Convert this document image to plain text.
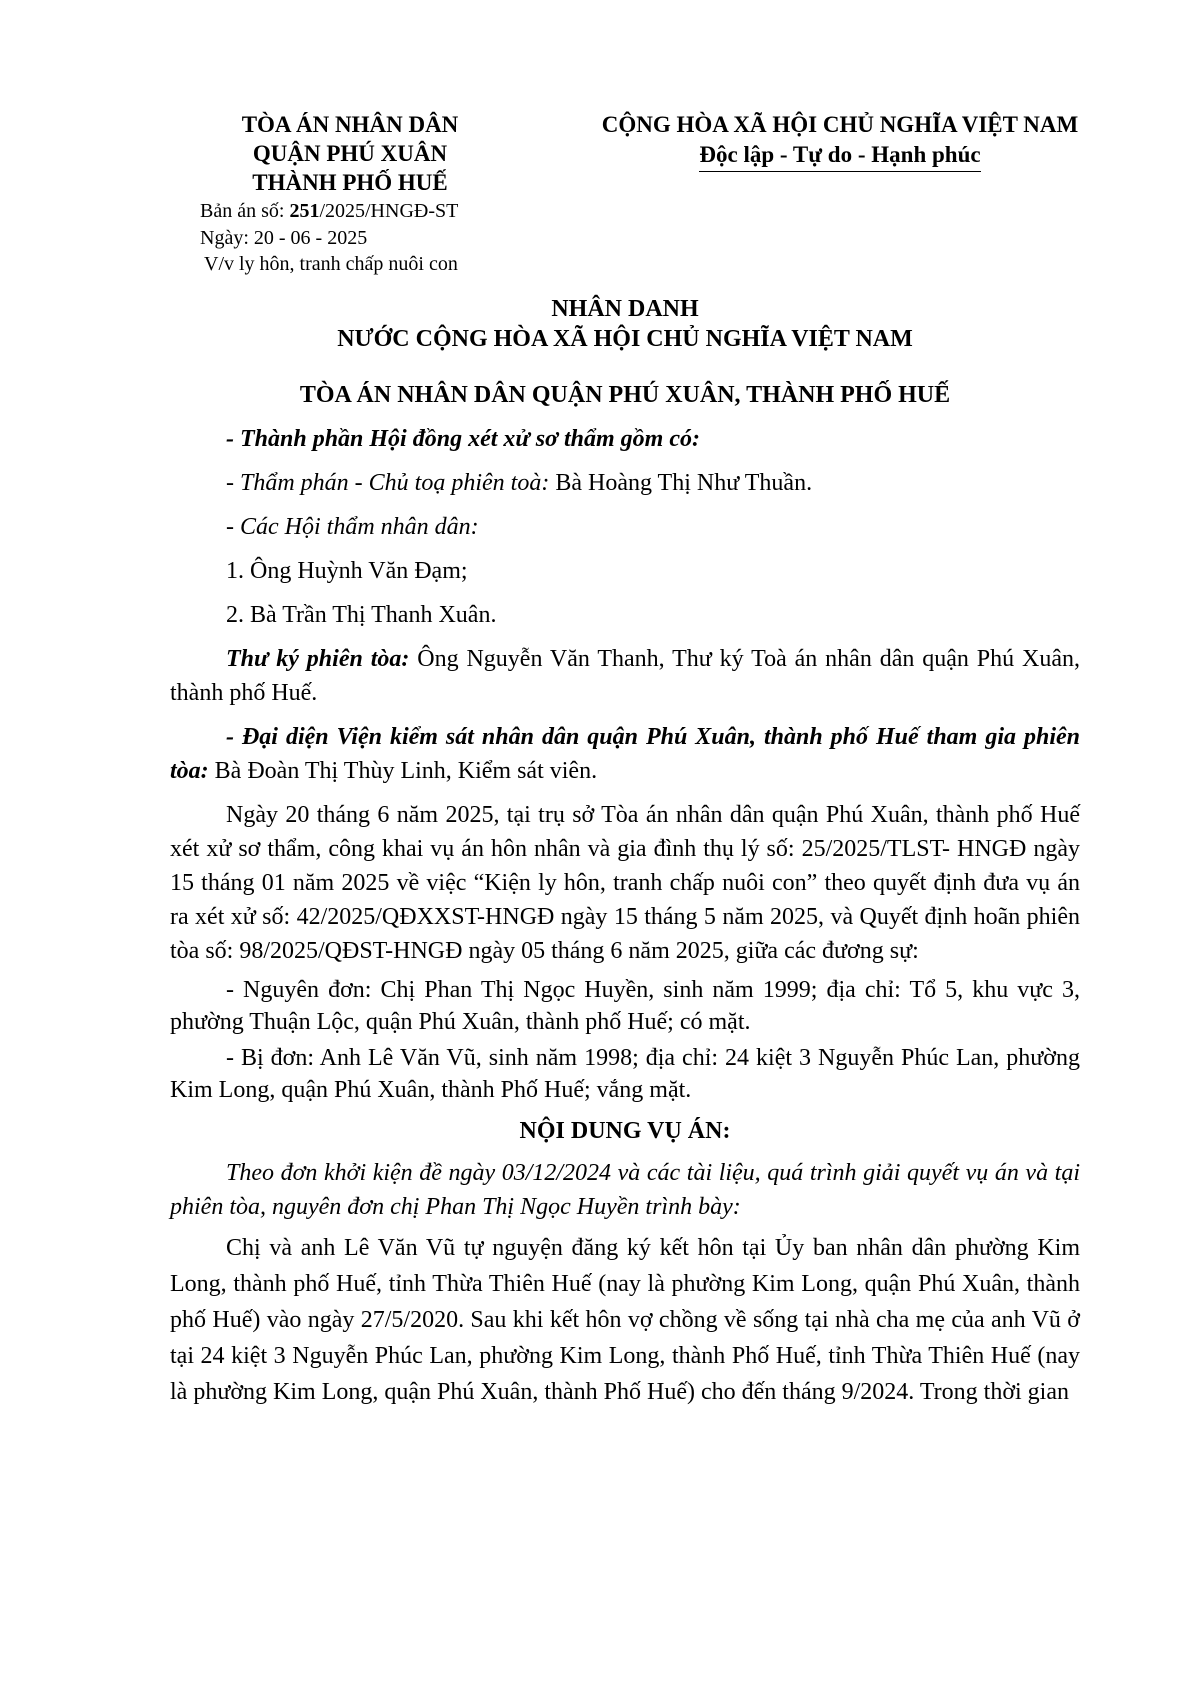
TÒA ÁN NHÂN DÂN
QUẬN PHÚ XUÂN
THÀNH PHỐ HUẾ
CỘNG HÒA XÃ HỘI CHỦ NGHĨA VIỆT NAM
Độc lập - Tự do - Hạnh phúc
Bản án số: 251/2025/HNGĐ-ST
Ngày: 20 - 06 - 2025
V/v ly hôn, tranh chấp nuôi con
NHÂN DANH
NƯỚC CỘNG HÒA XÃ HỘI CHỦ NGHĨA VIỆT NAM
TÒA ÁN NHÂN DÂN QUẬN PHÚ XUÂN, THÀNH PHỐ HUẾ

- Thành phần Hội đồng xét xử sơ thẩm gồm có:

- Thẩm phán - Chủ toạ phiên toà: Bà Hoàng Thị Như Thuần.

- Các Hội thẩm nhân dân:

1. Ông Huỳnh Văn Đạm;

2. Bà Trần Thị Thanh Xuân.

Thư ký phiên tòa: Ông Nguyễn Văn Thanh, Thư ký Toà án nhân dân quận Phú Xuân, thành phố Huế.

- Đại diện Viện kiểm sát nhân dân quận Phú Xuân, thành phố Huế tham gia phiên tòa: Bà Đoàn Thị Thùy Linh, Kiểm sát viên.

Ngày 20 tháng 6 năm 2025, tại trụ sở Tòa án nhân dân quận Phú Xuân, thành phố Huế xét xử sơ thẩm, công khai vụ án hôn nhân và gia đình thụ lý số: 25/2025/TLST- HNGĐ ngày 15 tháng 01 năm 2025 về việc “Kiện ly hôn, tranh chấp nuôi con” theo quyết định đưa vụ án ra xét xử số: 42/2025/QĐXXST-HNGĐ ngày 15 tháng 5 năm 2025, và Quyết định hoãn phiên tòa số: 98/2025/QĐST-HNGĐ ngày 05 tháng 6 năm 2025, giữa các đương sự:

- Nguyên đơn: Chị Phan Thị Ngọc Huyền, sinh năm 1999; địa chỉ: Tổ 5, khu vực 3, phường Thuận Lộc, quận Phú Xuân, thành phố Huế; có mặt.

- Bị đơn: Anh Lê Văn Vũ, sinh năm 1998; địa chỉ: 24 kiệt 3 Nguyễn Phúc Lan, phường Kim Long, quận Phú Xuân, thành Phố Huế; vắng mặt.

NỘI DUNG VỤ ÁN:

Theo đơn khởi kiện đề ngày 03/12/2024 và các tài liệu, quá trình giải quyết vụ án và tại phiên tòa, nguyên đơn chị Phan Thị Ngọc Huyền trình bày:

Chị và anh Lê Văn Vũ tự nguyện đăng ký kết hôn tại Ủy ban nhân dân phường Kim Long, thành phố Huế, tỉnh Thừa Thiên Huế (nay là phường Kim Long, quận Phú Xuân, thành phố Huế) vào ngày 27/5/2020. Sau khi kết hôn vợ chồng về sống tại nhà cha mẹ của anh Vũ ở tại 24 kiệt 3 Nguyễn Phúc Lan, phường Kim Long, thành Phố Huế, tỉnh Thừa Thiên Huế (nay là phường Kim Long, quận Phú Xuân, thành Phố Huế) cho đến tháng 9/2024. Trong thời gian
